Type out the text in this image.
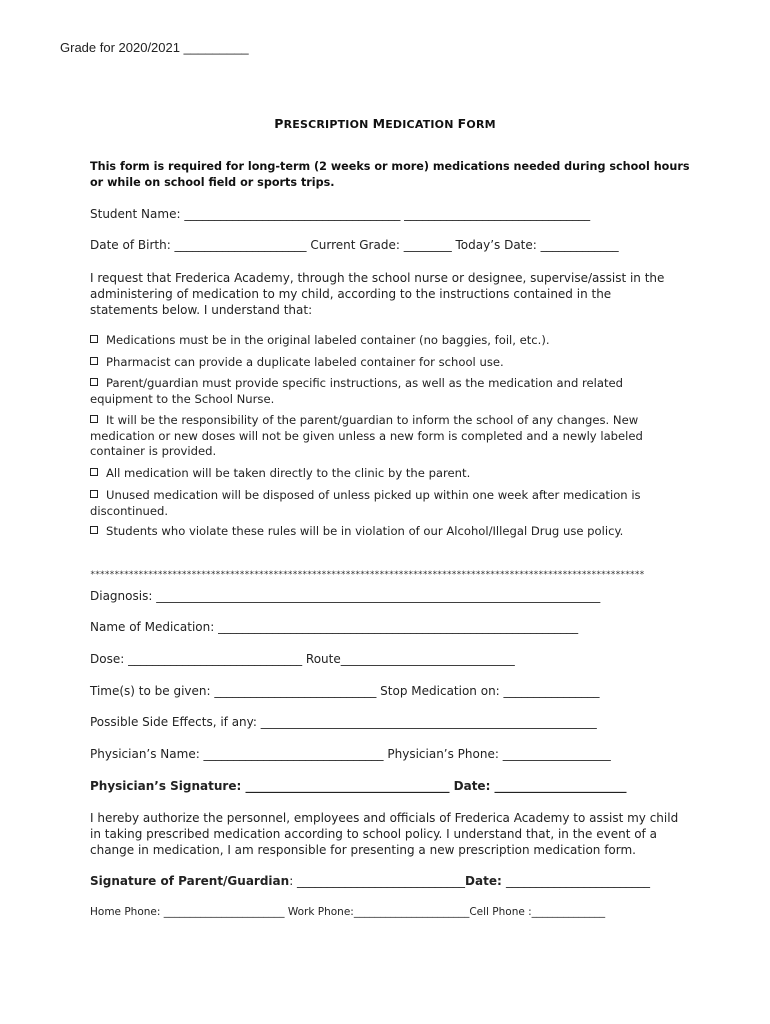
Grade for 2020/2021 _________
PRESCRIPTION MEDICATION FORM
This form is required for long-term (2 weeks or more) medications needed during school hours or while on school field or sports trips.
Student Name: ____________________________________ _______________________________
Date of Birth: ______________________ Current Grade: ________ Today’s Date: _____________
I request that Frederica Academy, through the school nurse or designee, supervise/assist in the administering of medication to my child, according to the instructions contained in the statements below. I understand that:
Medications must be in the original labeled container (no baggies, foil, etc.).
Pharmacist can provide a duplicate labeled container for school use.
Parent/guardian must provide specific instructions, as well as the medication and related equipment to the School Nurse.
It will be the responsibility of the parent/guardian to inform the school of any changes. New medication or new doses will not be given unless a new form is completed and a newly labeled container is provided.
All medication will be taken directly to the clinic by the parent.
Unused medication will be disposed of unless picked up within one week after medication is discontinued.
Students who violate these rules will be in violation of our Alcohol/Illegal Drug use policy.
*******************************************************************************************************************
Diagnosis: __________________________________________________________________________
Name of Medication: ____________________________________________________________
Dose: _____________________________ Route_____________________________
Time(s) to be given: ___________________________ Stop Medication on: ________________
Possible Side Effects, if any: ________________________________________________________
Physician’s Name: ______________________________ Physician’s Phone: __________________
Physician’s Signature: __________________________________ Date: ______________________
I hereby authorize the personnel, employees and officials of Frederica Academy to assist my child in taking prescribed medication according to school policy. I understand that, in the event of a change in medication, I am responsible for presenting a new prescription medication form.
Signature of Parent/Guardian: ____________________________Date: ________________________
Home Phone: _______________________ Work Phone:______________________Cell Phone :______________
